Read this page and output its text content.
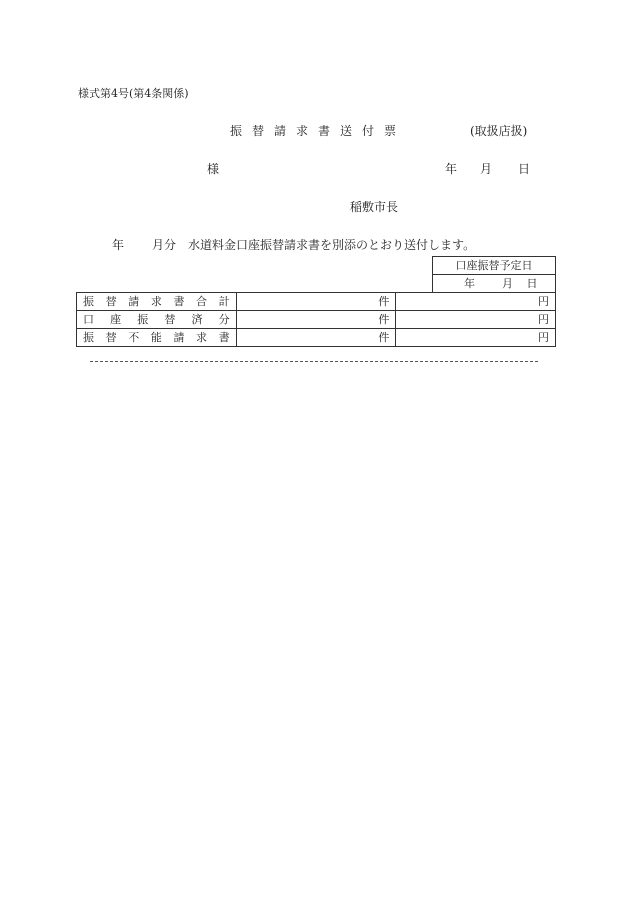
様式第4号(第4条関係)
振替請求書送付票	(取扱店扱)
様	年 月 日
稲敷市長
年 月分 水道料金口座振替請求書を別添のとおり送付します。
口座振替予定日
年 月 日
振替請求書合計	件	円
口座振替済分	件	円
振替不能請求書	件	円
